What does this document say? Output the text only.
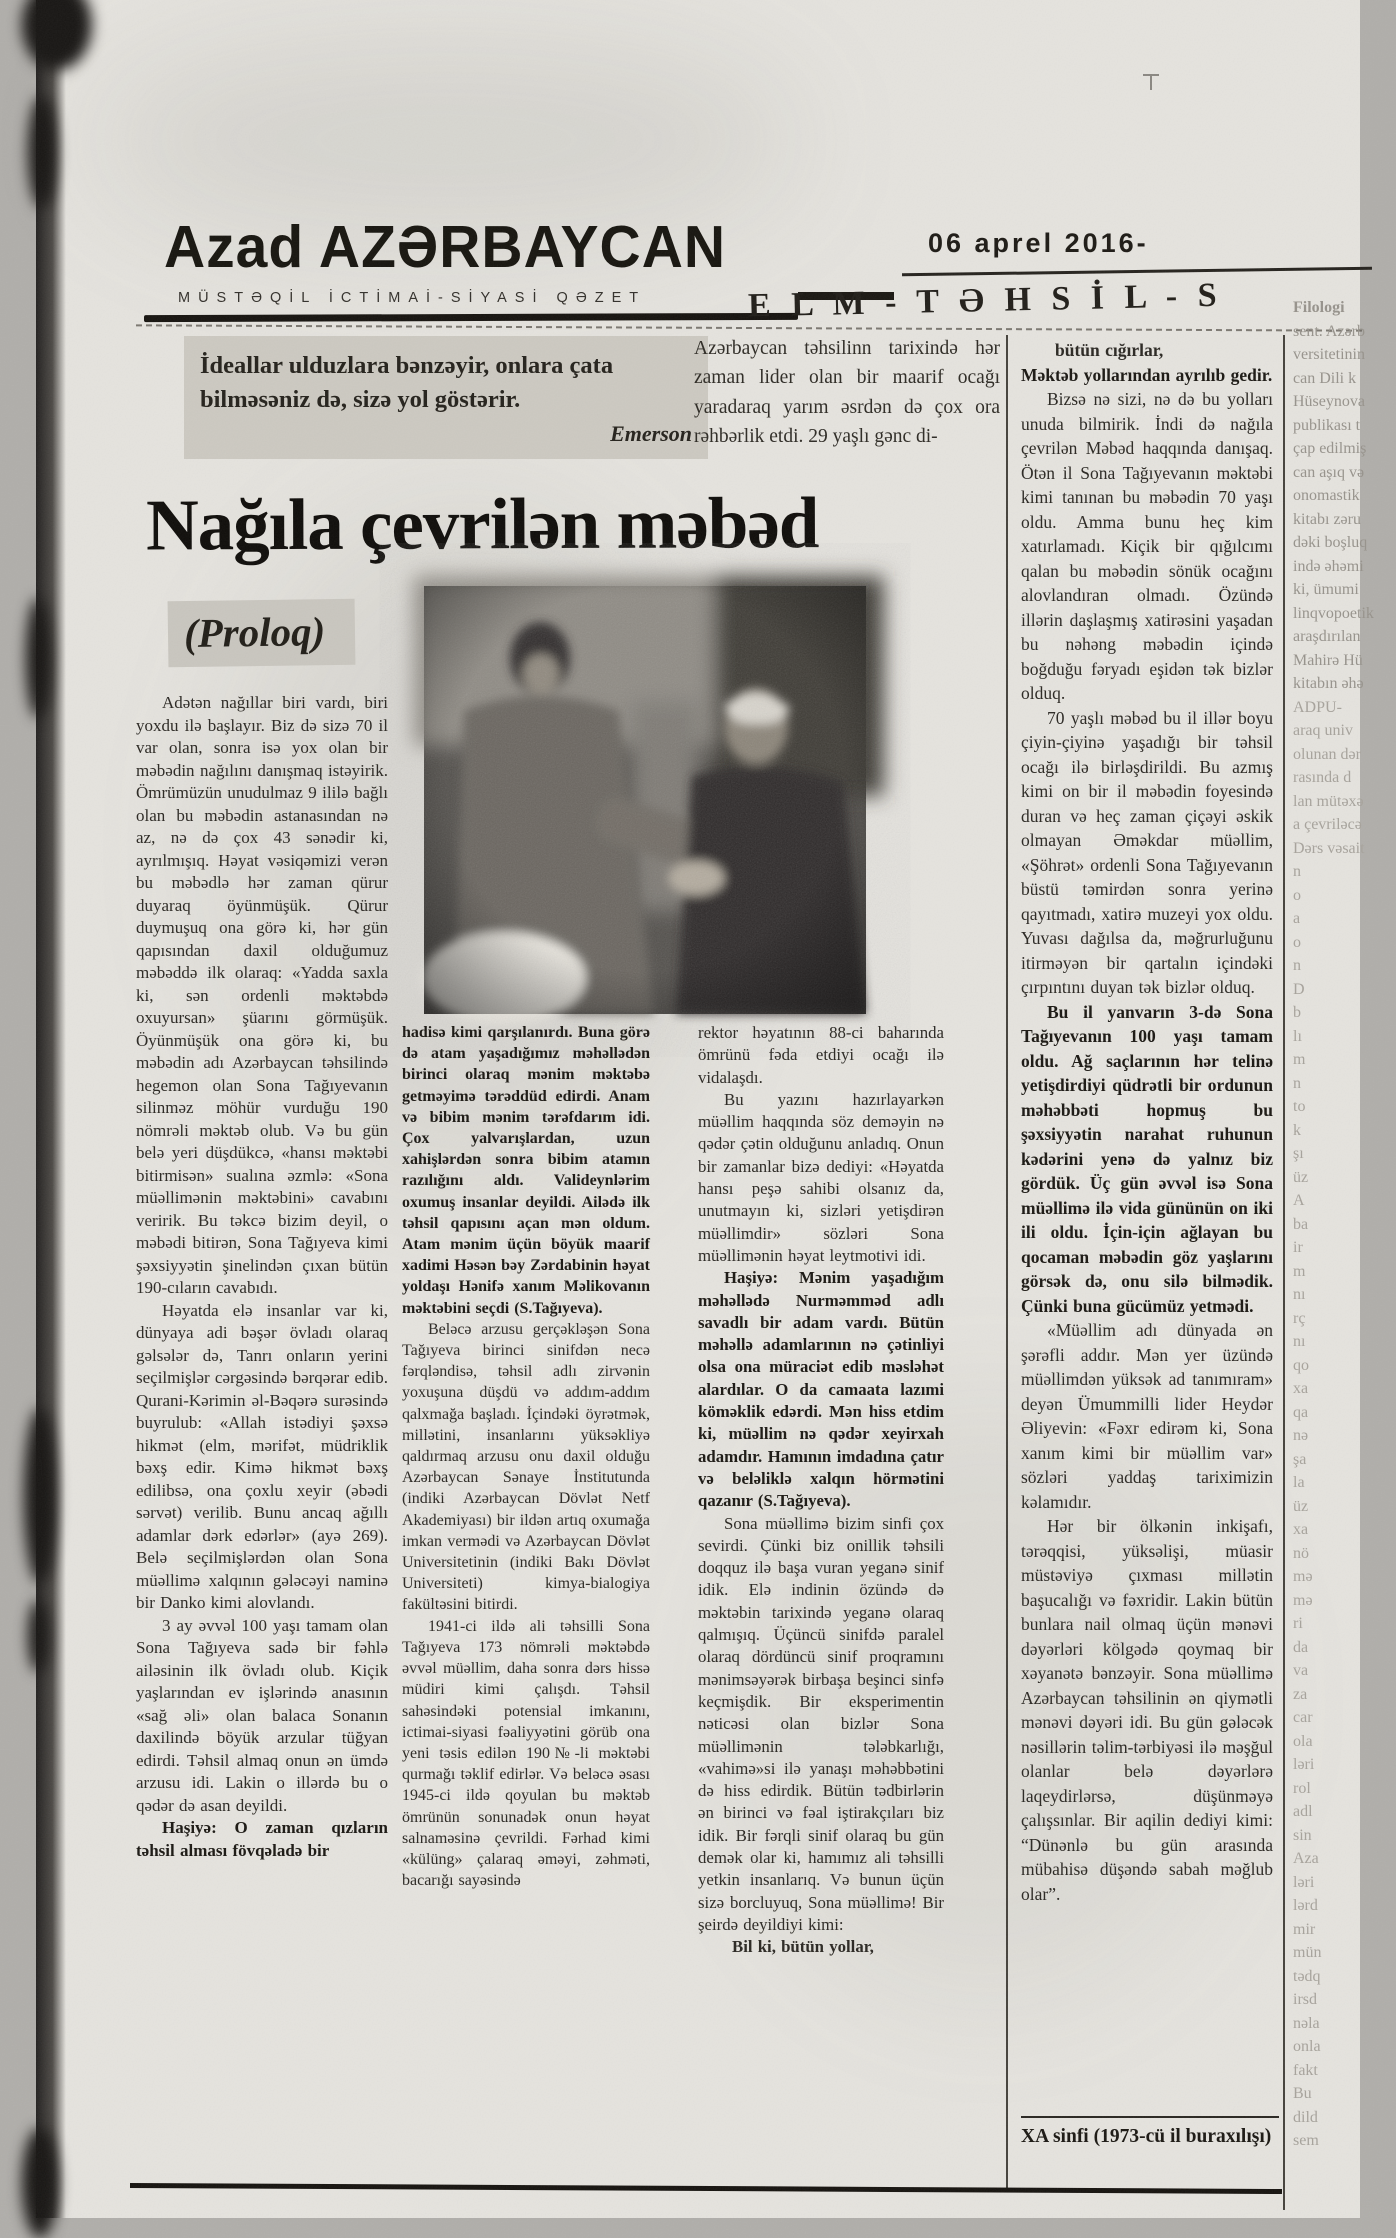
Azad AZƏRBAYCAN
MÜSTƏQİL İCTİMAİ-SİYASİ QƏZET
06 aprel 2016-
E L M - T Ə H S İ L - S
İdeallar ulduzlara bənzəyir, onlara çata bilməsəniz də, sizə yol göstərir.
Emerson
Azərbaycan təhsilinn tarixində hər zaman lider olan bir maarif ocağı yaradaraq yarım əsrdən də çox ora rəhbərlik etdi. 29 yaşlı gənc di-
Nağıla çevrilən məbəd
(Proloq)

Adətən nağıllar biri vardı, biri yoxdu ilə başlayır. Biz də sizə 70 il var olan, sonra isə yox olan bir məbədin nağılını danışmaq istəyirik. Ömrümüzün unudulmaz 9 ililə bağlı olan bu məbədin astanasından nə az, nə də çox 43 sənədir ki, ayrılmışıq. Həyat vəsiqəmizi verən bu məbədlə hər zaman qürur duyaraq öyünmüşük. Qürur duymuşuq ona görə ki, hər gün qapısından daxil olduğumuz məbəddə ilk olaraq: «Yadda saxla ki, sən ordenli məktəbdə oxuyursan» şüarını görmüşük. Öyünmüşük ona görə ki, bu məbədin adı Azərbaycan təhsilində hegemon olan Sona Tağıyevanın silinməz möhür vurduğu 190 nömrəli məktəb olub. Və bu gün belə yeri düşdükcə, «hansı məktəbi bitirmisən» sualına əzmlə: «Sona müəllimənin məktəbini» cavabını veririk. Bu təkcə bizim deyil, o məbədi bitirən, Sona Tağıyeva kimi şəxsiyyətin şinelindən çıxan bütün 190-cıların cavabıdı.

Həyatda elə insanlar var ki, dünyaya adi bəşər övladı olaraq gəlsələr də, Tanrı onların yerini seçilmişlər cərgəsində bərqərar edib. Qurani-Kərimin əl-Bəqərə surəsində buyrulub: «Allah istədiyi şəxsə hikmət (elm, mərifət, müdriklik bəxş edir. Kimə hikmət bəxş edilibsə, ona çoxlu xeyir (əbədi sərvət) verilib. Bunu ancaq ağıllı adamlar dərk edərlər» (ayə 269). Belə seçilmişlərdən olan Sona müəllimə xalqının gələcəyi naminə bir Danko kimi alovlandı.

3 ay əvvəl 100 yaşı tamam olan Sona Tağıyeva sadə bir fəhlə ailəsinin ilk övladı olub. Kiçik yaşlarından ev işlərində anasının «sağ əli» olan balaca Sonanın daxilində böyük arzular tüğyan edirdi. Təhsil almaq onun ən ümdə arzusu idi. Lakin o illərdə bu o qədər də asan deyildi.

Haşiyə: O zaman qızların təhsil alması fövqəladə bir

hadisə kimi qarşılanırdı. Buna görə də atam yaşadığımız məhəllədən birinci olaraq mənim məktəbə getməyimə tərəddüd edirdi. Anam və bibim mənim tərəfdarım idi. Çox yalvarışlardan, uzun xahişlərdən sonra bibim atamın razılığını aldı. Valideynlərim oxumuş insanlar deyildi. Ailədə ilk təhsil qapısını açan mən oldum. Atam mənim üçün böyük maarif xadimi Həsən bəy Zərdabinin həyat yoldaşı Hənifə xanım Məlikovanın məktəbini seçdi (S.Tağıyeva).

Beləcə arzusu gerçəkləşən Sona Tağıyeva birinci sinifdən necə fərqləndisə, təhsil adlı zirvənin yoxuşuna düşdü və addım-addım qalxmağa başladı. İçindəki öyrətmək, millətini, insanlarını yüksəkliyə qaldırmaq arzusu onu daxil olduğu Azərbaycan Sənaye İnstitutunda (indiki Azərbaycan Dövlət Netf Akademiyası) bir ildən artıq oxumağa imkan vermədi və Azərbaycan Dövlət Universitetinin (indiki Bakı Dövlət Universiteti) kimya-bialogiya fakültəsini bitirdi.

1941-ci ildə ali təhsilli Sona Tağıyeva 173 nömrəli məktəbdə əvvəl müəllim, daha sonra dərs hissə müdiri kimi çalışdı. Təhsil sahəsindəki potensial imkanını, ictimai-siyasi fəaliyyətini görüb ona yeni təsis edilən 190№-li məktəbi qurmağı təklif edirlər. Və beləcə əsası 1945-ci ildə qoyulan bu məktəb ömrünün sonunadək onun həyat salnaməsinə çevrildi. Fərhad kimi «külüng» çalaraq əməyi, zəhməti, bacarığı sayəsində

rektor həyatının 88-ci baharında ömrünü fəda etdiyi ocağı ilə vidalaşdı.

Bu yazını hazırlayarkən müəllim haqqında söz deməyin nə qədər çətin olduğunu anladıq. Onun bir zamanlar bizə dediyi: «Həyatda hansı peşə sahibi olsanız da, unutmayın ki, sizləri yetişdirən müəllimdir» sözləri Sona müəllimənin həyat leytmotivi idi.

Haşiyə: Mənim yaşadığım məhəllədə Nurməmməd adlı savadlı bir adam vardı. Bütün məhəllə adamlarının nə çətinliyi olsa ona müraciət edib məsləhət alardılar. O da camaata lazımi köməklik edərdi. Mən hiss etdim ki, müəllim nə qədər xeyirxah adamdır. Hamının imdadına çatır və beləliklə xalqın hörmətini qazanır (S.Tağıyeva).

Sona müəllimə bizim sinfi çox sevirdi. Çünki biz onillik təhsili doqquz ilə başa vuran yeganə sinif idik. Elə indinin özündə də məktəbin tarixində yeganə olaraq qalmışıq. Üçüncü sinifdə paralel olaraq dördüncü sinif proqramını mənimsəyərək birbaşa beşinci sinfə keçmişdik. Bir eksperimentin nəticəsi olan bizlər Sona müəllimənin tələbkarlığı, «vahimə»si ilə yanaşı məhəbbətini də hiss edirdik. Bütün tədbirlərin ən birinci və fəal iştirakçıları biz idik. Bir fərqli sinif olaraq bu gün demək olar ki, hamımız ali təhsilli yetkin insanlarıq. Və bunun üçün sizə borcluyuq, Sona müəllimə! Bir şeirdə deyildiyi kimi:

Bil ki, bütün yollar,

bütün cığırlar,

Məktəb yollarından ayrılıb gedir.

Bizsə nə sizi, nə də bu yolları unuda bilmirik. İndi də nağıla çevrilən Məbəd haqqında danışaq. Ötən il Sona Tağıyevanın məktəbi kimi tanınan bu məbədin 70 yaşı oldu. Amma bunu heç kim xatırlamadı. Kiçik bir qığılcımı qalan bu məbədin sönük ocağını alovlandıran olmadı. Özündə illərin daşlaşmış xatirəsini yaşadan bu nəhəng məbədin içində boğduğu fəryadı eşidən tək bizlər olduq.

70 yaşlı məbəd bu il illər boyu çiyin-çiyinə yaşadığı bir təhsil ocağı ilə birləşdirildi. Bu azmış kimi on bir il məbədin foyesində duran və heç zaman çiçəyi əskik olmayan Əməkdar müəllim, «Şöhrət» ordenli Sona Tağıyevanın büstü təmirdən sonra yerinə qayıtmadı, xatirə muzeyi yox oldu. Yuvası dağılsa da, məğrurluğunu itirməyən bir qartalın içindəki çırpıntını duyan tək bizlər olduq.

Bu il yanvarın 3-də Sona Tağıyevanın 100 yaşı tamam oldu. Ağ saçlarının hər telinə yetişdirdiyi qüdrətli bir ordunun məhəbbəti hopmuş bu şəxsiyyətin narahat ruhunun kədərini yenə də yalnız biz gördük. Üç gün əvvəl isə Sona müəllimə ilə vida gününün on iki ili oldu. İçin-için ağlayan bu qocaman məbədin göz yaşlarını görsək də, onu silə bilmədik. Çünki buna gücümüz yetmədi.

«Müəllim adı dünyada ən şərəfli addır. Mən yer üzündə müəllimdən yüksək ad tanımıram» deyən Ümummilli lider Heydər Əliyevin: «Fəxr edirəm ki, Sona xanım kimi bir müəllim var» sözləri yaddaş tariximizin kəlamıdır.

Hər bir ölkənin inkişafı, tərəqqisi, yüksəlişi, müasir müstəviyə çıxması millətin başucalığı və fəxridir. Lakin bütün bunlara nail olmaq üçün mənəvi dəyərləri kölgədə qoymaq bir xəyanətə bənzəyir. Sona müəllimə Azərbaycan təhsilinin ən qiymətli mənəvi dəyəri idi. Bu gün gələcək nəsillərin təlim-tərbiyəsi ilə məşğul olanlar belə dəyərlərə laqeydirlərsə, düşünməyə çalışsınlar. Bir aqilin dediyi kimi: “Dünənlə bu gün arasında mübahisə düşəndə sabah məğlub olar”.

XA sinfi (1973-cü il buraxılışı)
Filologi
sent. Azərb
versitetinin
can Dili k
Hüseynova
publikası t
çap edilmiş
can aşıq və
onomastik
kitabı zəru
dəki boşluq
ində əhəmi
ki, ümumi
linqvopoetik
araşdırılan
Mahirə Hü
kitabın əhə
ADPU-
araq univ
olunan dər
rasında d
lan mütəxə
a çevriləcə
Dərs vəsait
n
o
a
o
n
D
b
lı
m
n
to
k
şı
üz
A
ba
ir
m
nı
rç
nı
qo
xa
qa
nə
şa
la
üz
xa
nö
mə
mə
ri
da
va
za
car
ola
ləri
rol
adl
sin
Aza
ləri
lərd
mir
mün
tədq
irsd
nəla
onla
fakt
Bu
dild
sem
